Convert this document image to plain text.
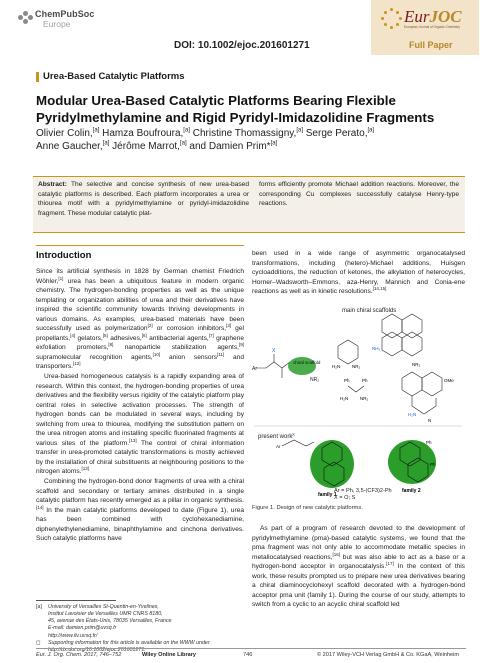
ChemPubSoc
Europe
DOI: 10.1002/ejoc.201601271
EurJOC
European Journal of Organic Chemistry
Full Paper
Urea-Based Catalytic Platforms
Modular Urea-Based Catalytic Platforms Bearing Flexible Pyridylmethylamine and Rigid Pyridyl-Imidazolidine Fragments
Olivier Colin,[a] Hamza Boufroura,[a] Christine Thomassigny,[a] Serge Perato,[a]
Anne Gaucher,[a] Jérôme Marrot,[a] and Damien Prim*[a]
Abstract: The selective and concise synthesis of new urea-based catalytic platforms is described. Each platform incorporates a urea or thiourea motif with a pyridylmethylamine or pyridyl-imidazolidine fragment. These modular catalytic plat-
forms efficiently promote Michael addition reactions. Moreover, the corresponding Cu complexes successfully catalyse Henry-type reactions.
Introduction

Since its artificial synthesis in 1828 by German chemist Friedrich Wöhler,[1] urea has been a ubiquitous feature in modern organic chemistry. The hydrogen-bonding properties as well as the unique templating or organization abilities of urea and their derivatives have inspired the scientific community towards thriving developments in various domains. As examples, urea-based materials have been successfully used as polymerization[2] or corrosion inhibitors,[3] gel propellants,[4] gelators,[5] adhesives,[6] antibacterial agents,[7] graphene exfoliation promoters,[8] nanoparticle stabilization agents,[9] supramolecular recognition agents,[10] anion sensors[11] and transporters.[12]

Urea-based homogeneous catalysis is a rapidly expanding area of research. Within this context, the hydrogen-bonding properties of urea derivatives and the flexibility versus rigidity of the catalytic platform play central roles in selective activation processes. The strength of hydrogen bonds can be modulated in several ways, including by switching from urea to thiourea, modifying the substitution pattern on the urea nitrogen atoms and installing specific fluorinated fragments at various sites of the platform.[13] The control of chiral information transfer in urea-promoted catalytic transformations is mostly achieved by the installation of chiral substituents at neighbouring positions to the nitrogen atoms.[13]

Combining the hydrogen-bond donor fragments of urea with a chiral scaffold and secondary or tertiary amines distributed in a single catalytic platform has recently emerged as a pillar in organic synthesis.[14] In the main catalytic platforms developed to date (Figure 1), urea has been combined with cyclohexanediamine, diphenylethylenediamine, binaphthylamine and cinchona derivatives. Such catalytic platforms have

been used in a wide range of asymmetric organocatalysed transformations, including (hetero)-Michael additions, Huisgen cycloadditions, the reduction of ketones, the alkylation of heterocycles, Horner–Wadsworth–Emmons, aza-Henry, Mannich and Conia-ene reactions as well as in kinetic resolutions.[14,15]

main chiral scaffolds
Ar
X
chiral scaffold
NR₂
H₂N	NR₂
NH₂
NR₂
Ph	Ph
H₂N	NR₂
OMe
H₂N
N
present work
Ar
X
family 1
Ph
Ph
family 2
Ar = Ph, 3,5-(CF3)2-Ph
X = O; S
Figure 1. Design of new catalytic platforms.

As part of a program of research devoted to the development of pyridylmethylamine (pma)-based catalytic systems, we found that the pma fragment was not only able to accommodate metallic species in metallocatalysed reactions,[16] but was also able to act as a base or a hydrogen-bond acceptor in organocatalysis.[17] In the context of this work, these results prompted us to prepare new urea derivatives bearing a chiral diaminocyclohexyl scaffold decorated with a hydrogen-bond acceptor pma unit (family 1). During the course of our study, attempts to switch from a cyclic to an acyclic chiral scaffold led

[a]	University of Versailles St-Quentin-en-Yvelines,
Institut Lavoisier de Versailles UMR CNRS 8180,
45, avenue des États-Unis, 78035 Versailles, France
E-mail: damien.prim@uvsq.fr
http://www.ilv.uvsq.fr/
◻	Supporting information for this article is available on the WWW under
http://dx.doi.org/10.1002/ejoc.201601271.
Eur. J. Org. Chem. 2017, 746–752	Wiley Online Library	746	© 2017 Wiley-VCH Verlag GmbH & Co. KGaA, Weinheim
